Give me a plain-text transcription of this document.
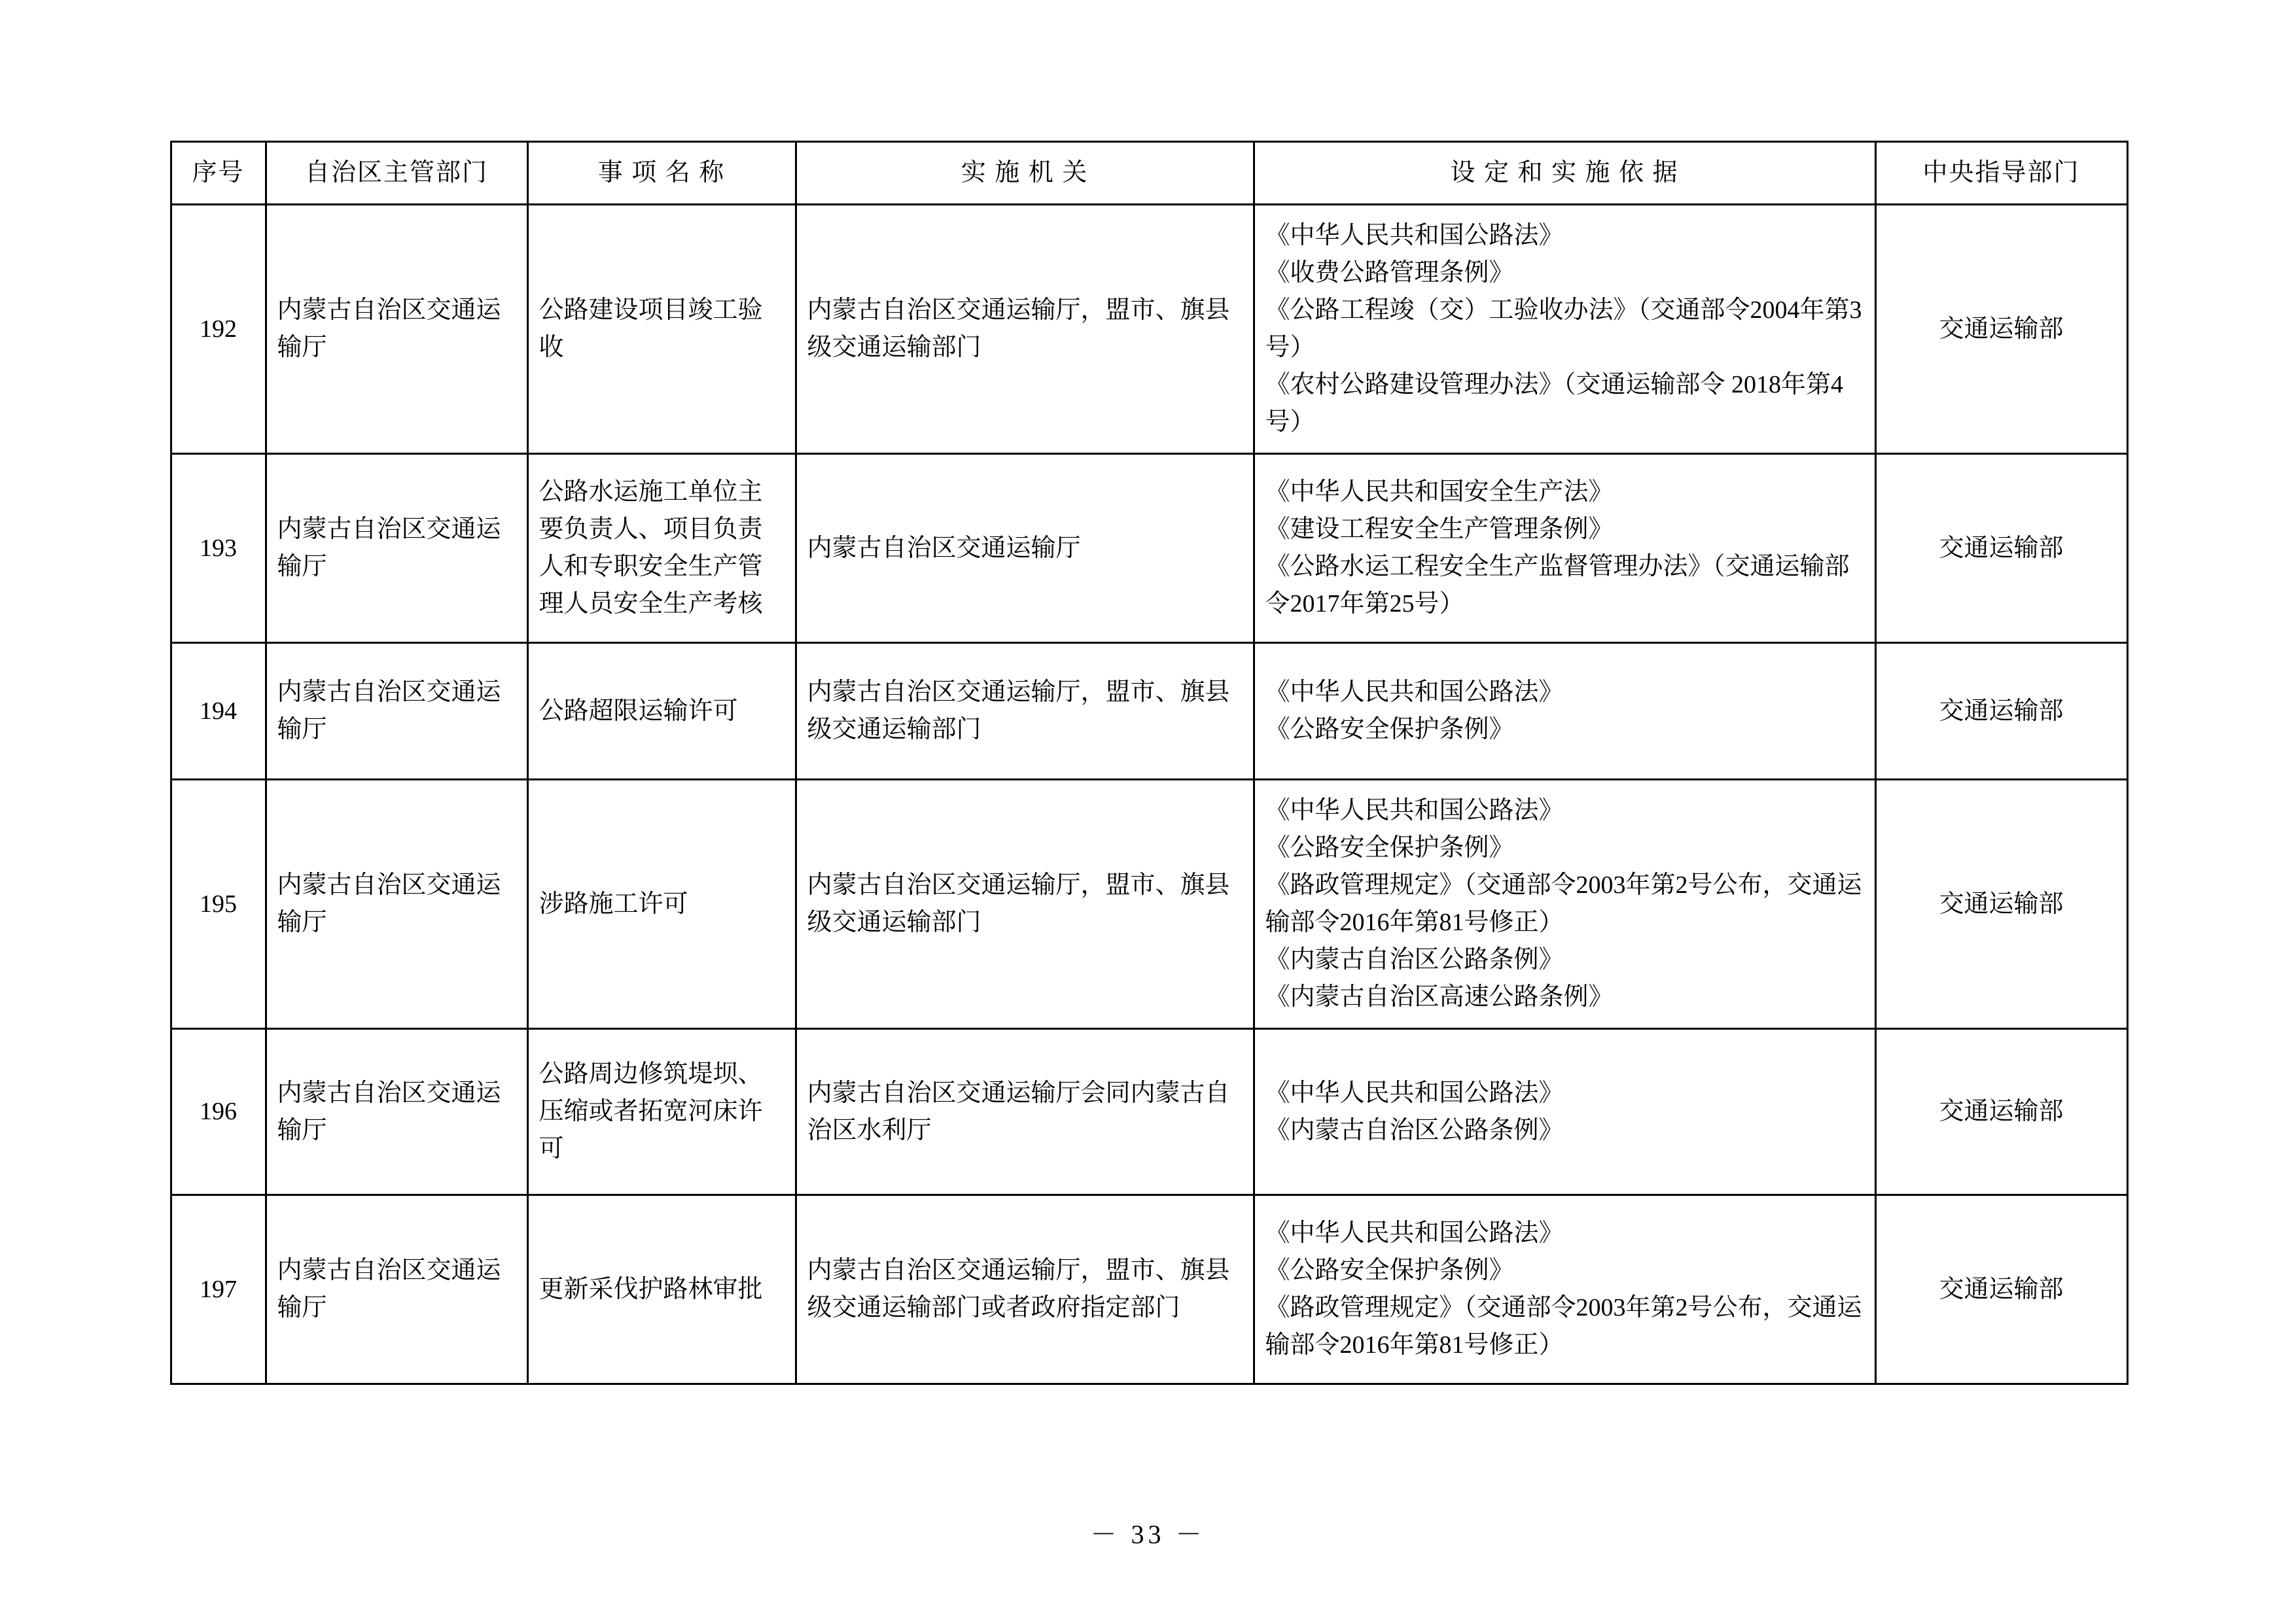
序号	自治区主管部门	事 项 名 称	实 施 机 关	设 定 和 实 施 依 据	中央指导部门
192	内蒙古自治区交通运输厅	公路建设项目竣工验收	内蒙古自治区交通运输厅，盟市、旗县级交通运输部门	《中华人民共和国公路法》
《收费公路管理条例》
《公路工程竣（交）工验收办法》（交通部令2004年第3号）
《农村公路建设管理办法》（交通运输部令 2018年第4号）	交通运输部
193	内蒙古自治区交通运输厅	公路水运施工单位主要负责人、项目负责人和专职安全生产管理人员安全生产考核	内蒙古自治区交通运输厅	《中华人民共和国安全生产法》
《建设工程安全生产管理条例》
《公路水运工程安全生产监督管理办法》（交通运输部令2017年第25号）	交通运输部
194	内蒙古自治区交通运输厅	公路超限运输许可	内蒙古自治区交通运输厅，盟市、旗县级交通运输部门	《中华人民共和国公路法》
《公路安全保护条例》	交通运输部
195	内蒙古自治区交通运输厅	涉路施工许可	内蒙古自治区交通运输厅，盟市、旗县级交通运输部门	《中华人民共和国公路法》
《公路安全保护条例》
《路政管理规定》（交通部令2003年第2号公布，交通运输部令2016年第81号修正）
《内蒙古自治区公路条例》
《内蒙古自治区高速公路条例》	交通运输部
196	内蒙古自治区交通运输厅	公路周边修筑堤坝、压缩或者拓宽河床许可	内蒙古自治区交通运输厅会同内蒙古自治区水利厅	《中华人民共和国公路法》
《内蒙古自治区公路条例》	交通运输部
197	内蒙古自治区交通运输厅	更新采伐护路林审批	内蒙古自治区交通运输厅，盟市、旗县级交通运输部门或者政府指定部门	《中华人民共和国公路法》
《公路安全保护条例》
《路政管理规定》（交通部令2003年第2号公布，交通运输部令2016年第81号修正）	交通运输部
－ 33 －
